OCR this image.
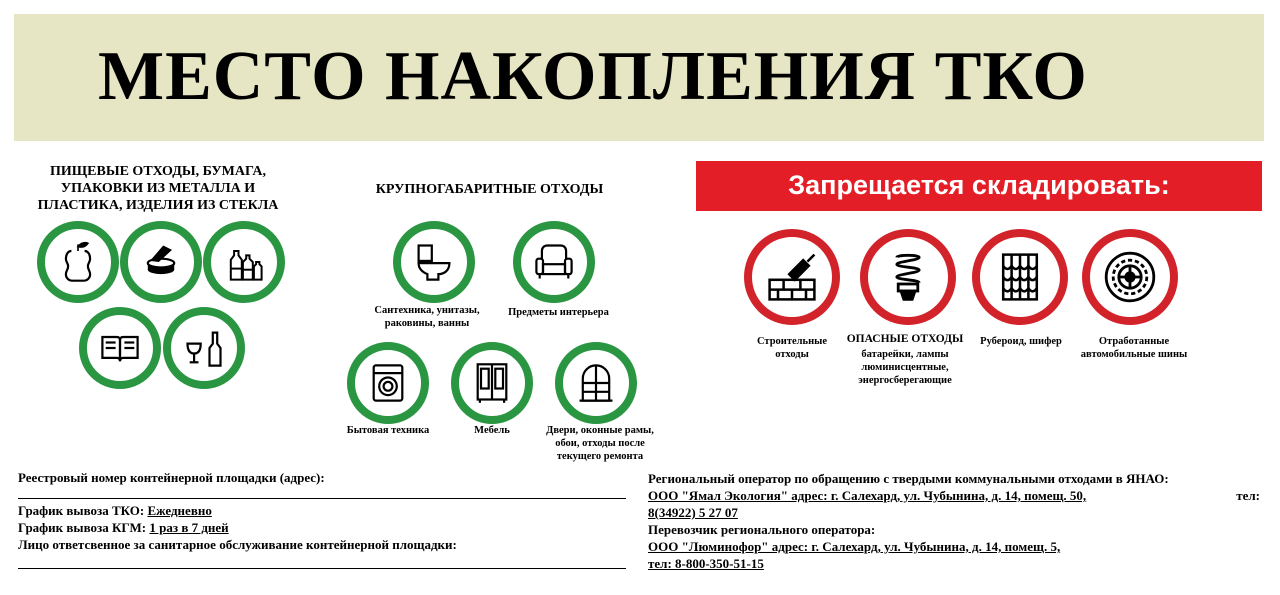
МЕСТО НАКОПЛЕНИЯ ТКО
ПИЩЕВЫЕ ОТХОДЫ, БУМАГА, УПАКОВКИ ИЗ МЕТАЛЛА И ПЛАСТИКА, ИЗДЕЛИЯ ИЗ СТЕКЛА
КРУПНОГАБАРИТНЫЕ ОТХОДЫ
Сантехника, унитазы, раковины, ванны
Предметы интерьера
Бытовая техника	Мебель	Двери, оконные рамы, обои, отходы после текущего ремонта
Запрещается складировать:
Строительные отходы
ОПАСНЫЕ ОТХОДЫ
батарейки, лампы люминисцентные, энергосберегающие
Рубероид, шифер	Отработанные автомобильные шины
Реестровый номер контейнерной площадки (адрес):
График вывоза ТКО: Ежедневно
График вывоза КГМ: 1 раз в 7 дней
Лицо ответсвенное за санитарное обслуживание контейнерной площадки:
Региональный оператор по обращению с твердыми коммунальными отходами в ЯНАО:
ООО "Ямал Экология" адрес: г. Салехард, ул. Чубынина, д. 14, помещ. 50,	тел:
8(34922) 5 27 07
Перевозчик регионального оператора:
ООО "Люминофор" адрес: г. Салехард, ул. Чубынина, д. 14, помещ. 5,
тел: 8-800-350-51-15
